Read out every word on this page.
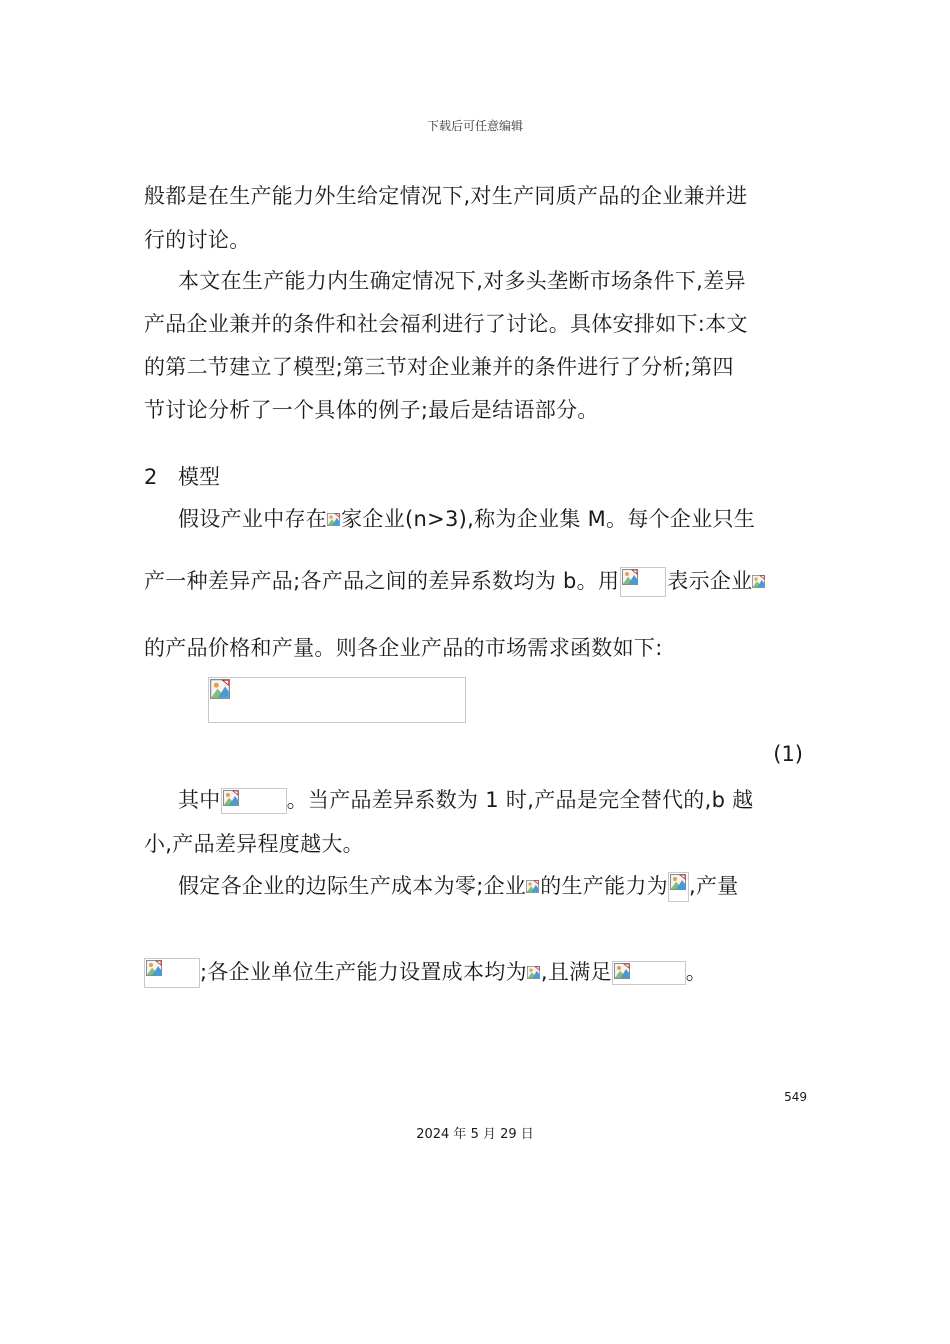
下载后可任意编辑
般都是在生产能力外生给定情况下,对生产同质产品的企业兼并进
行的讨论。
本文在生产能力内生确定情况下,对多头垄断市场条件下,差异
产品企业兼并的条件和社会福利进行了讨论。具体安排如下:本文
的第二节建立了模型;第三节对企业兼并的条件进行了分析;第四
节讨论分析了一个具体的例子;最后是结语部分。
2 模型
假设产业中存在 家企业(n>3),称为企业集 M。每个企业只生
产一种差异产品;各产品之间的差异系数均为 b。用 表示企业
的产品价格和产量。则各企业产品的市场需求函数如下:
(1)
其中	。当产品差异系数为 1 时,产品是完全替代的,b 越
小,产品差异程度越大。
假定各企业的边际生产成本为零;企业 的生产能力为 ,产量
;各企业单位生产能力设置成本均为 ,且满足	。
549
2024 年 5 月 29 日
